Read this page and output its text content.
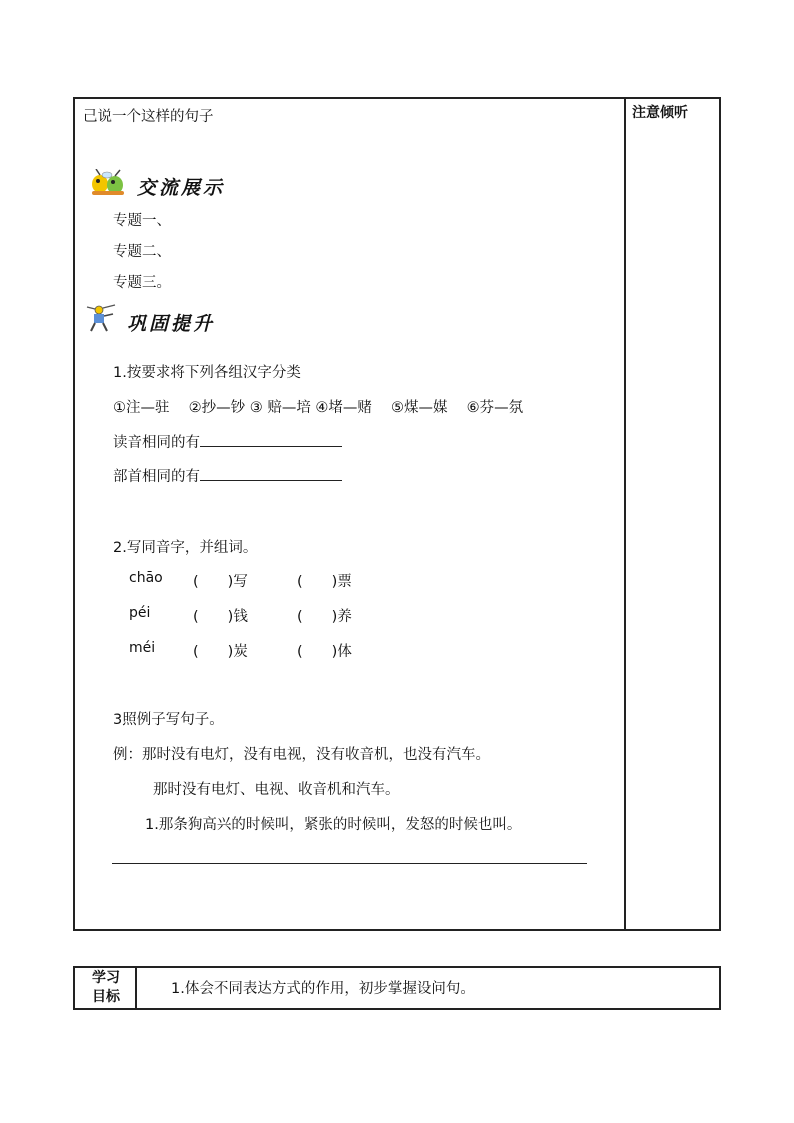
注意倾听
己说一个这样的句子
交流展示
专题一、
专题二、
专题三。
巩固提升
1.按要求将下列各组汉字分类
①注—驻　 ②抄—钞 ③ 赔—培 ④堵—赌 　⑤煤—媒 　⑥芬—氛
读音相同的有
部首相同的有
2.写同音字，并组词。
chāo (　　)写	(　　)票
péi	(　　)钱	(　　)养
méi	(　　)炭	(　　)体
3照例子写句子。
例：那时没有电灯，没有电视，没有收音机，也没有汽车。
那时没有电灯、电视、收音机和汽车。
1.那条狗高兴的时候叫，紧张的时候叫，发怒的时候也叫。
学习
目标	1.体会不同表达方式的作用，初步掌握设问句。
